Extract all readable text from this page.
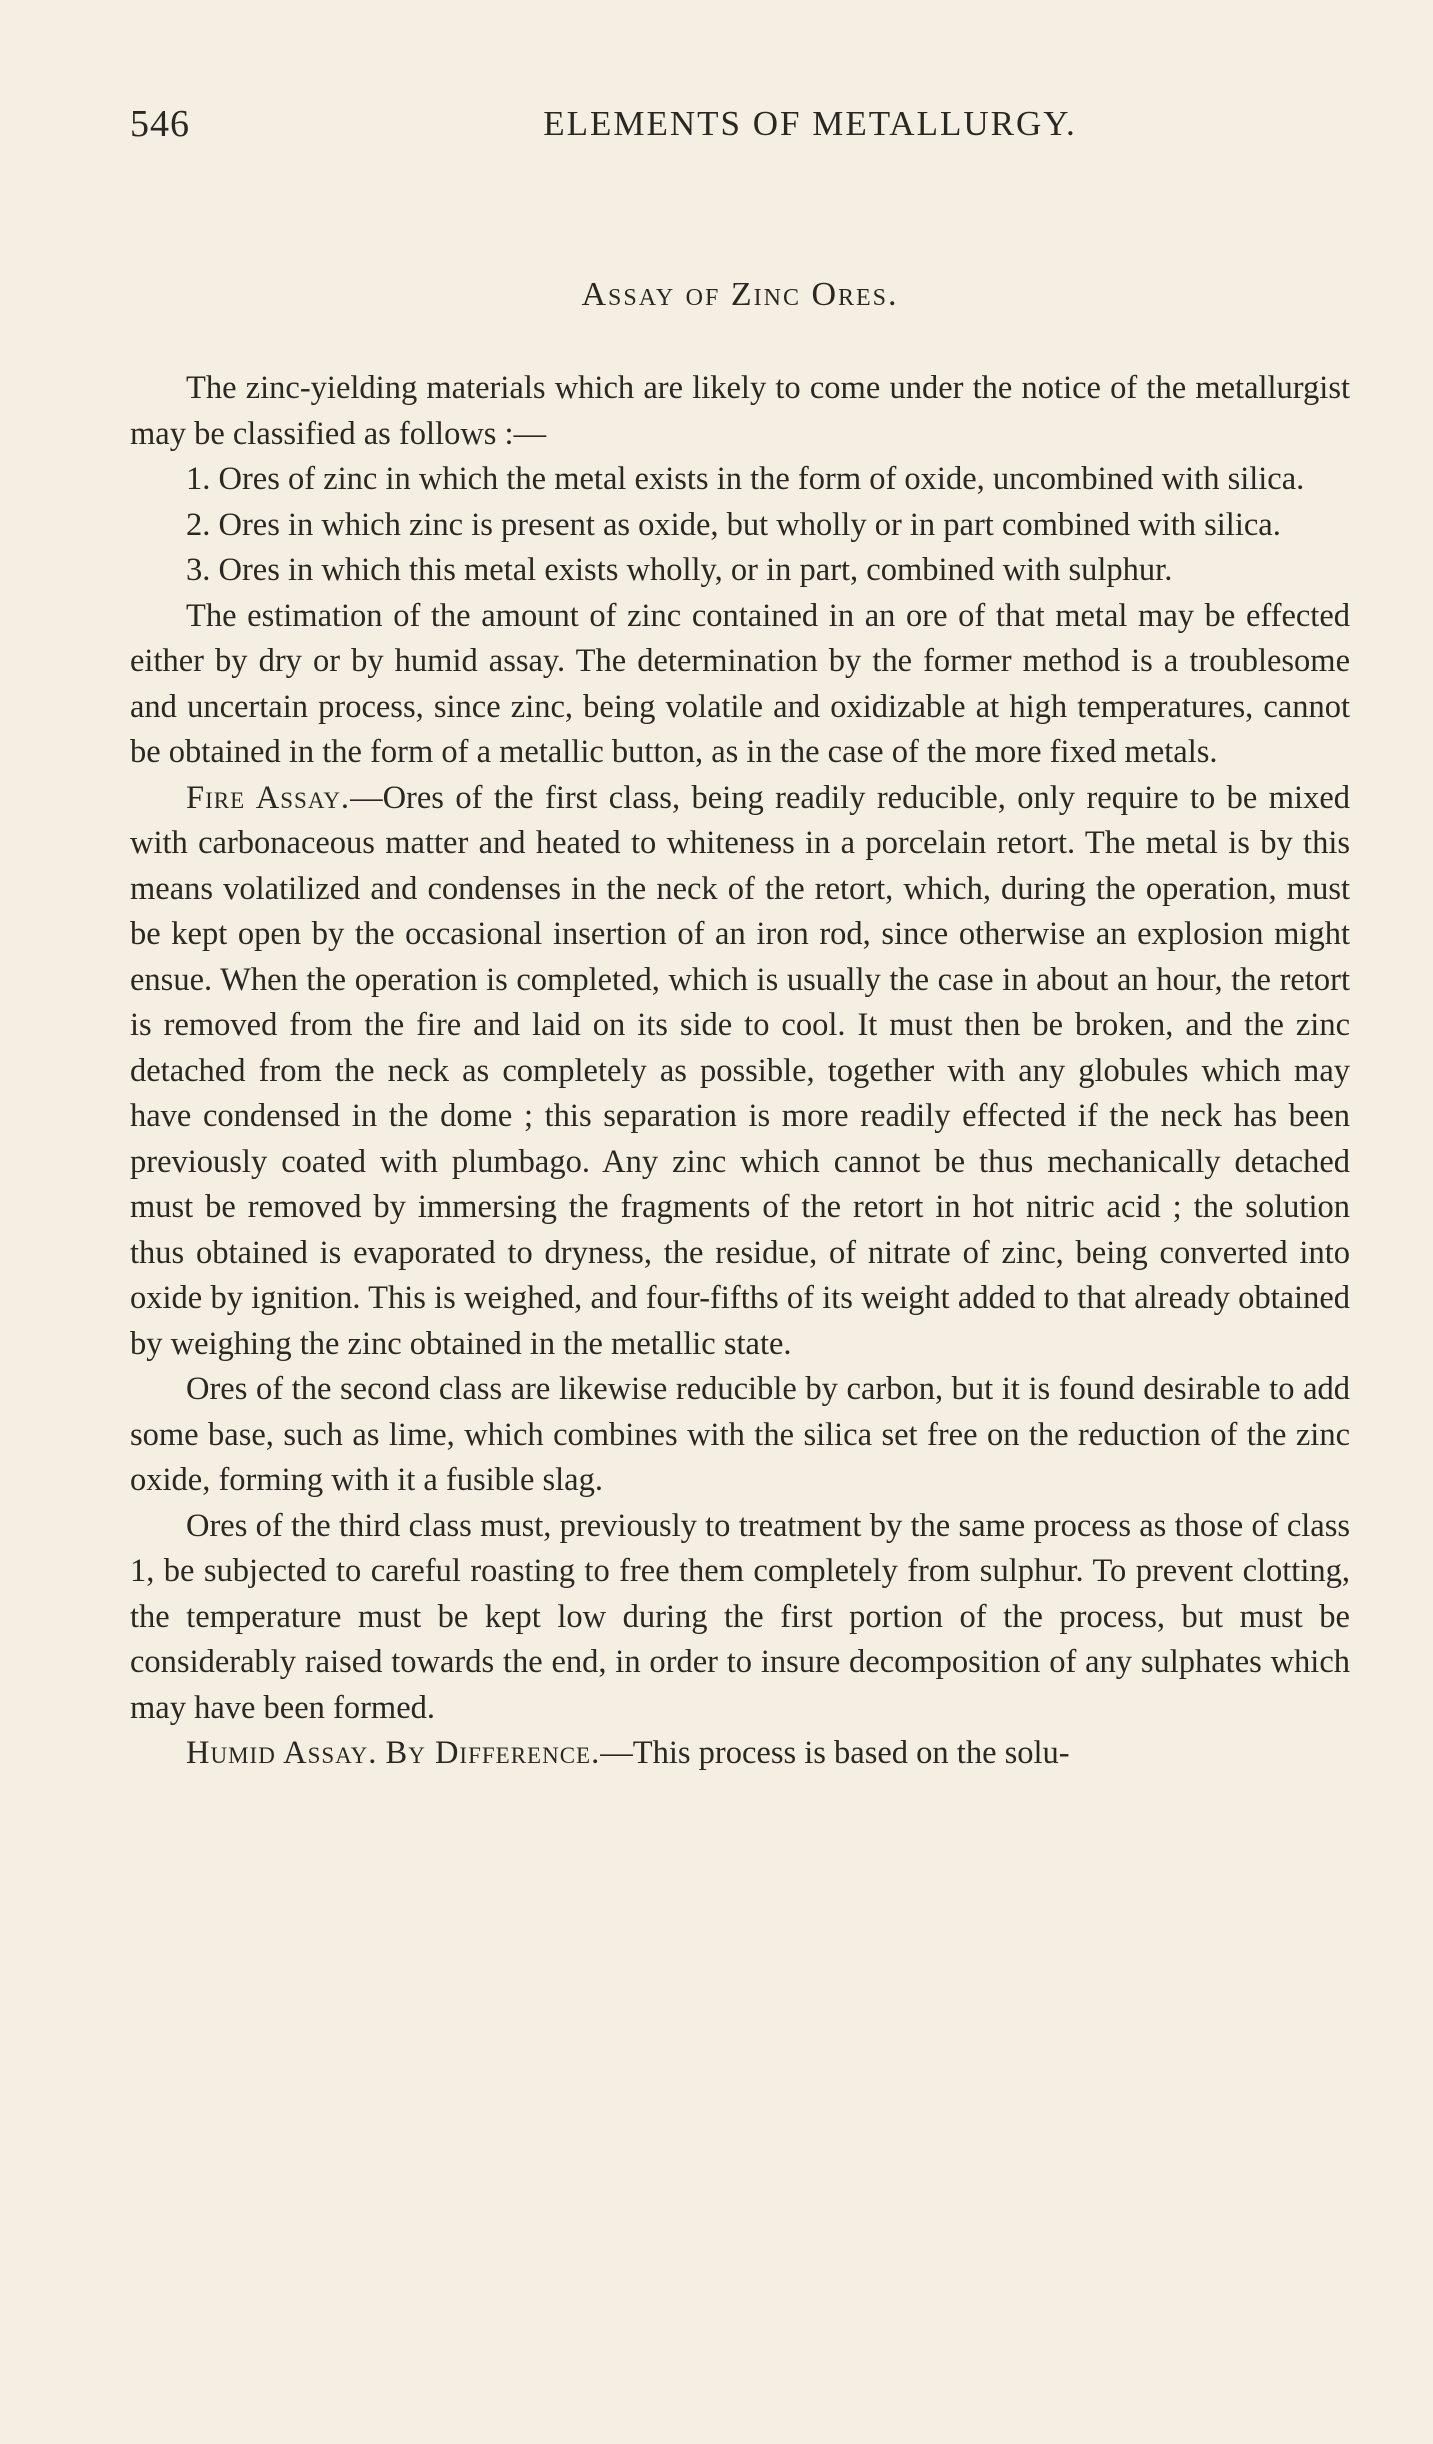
546	ELEMENTS OF METALLURGY.
Assay of Zinc Ores.

The zinc-yielding materials which are likely to come under the notice of the metallurgist may be classified as follows :—

1. Ores of zinc in which the metal exists in the form of oxide, uncombined with silica.

2. Ores in which zinc is present as oxide, but wholly or in part combined with silica.

3. Ores in which this metal exists wholly, or in part, combined with sulphur.

The estimation of the amount of zinc contained in an ore of that metal may be effected either by dry or by humid assay. The determination by the former method is a troublesome and uncertain process, since zinc, being volatile and oxidizable at high temperatures, cannot be obtained in the form of a metallic button, as in the case of the more fixed metals.

Fire Assay.—Ores of the first class, being readily reducible, only require to be mixed with carbonaceous matter and heated to whiteness in a porcelain retort. The metal is by this means volatilized and condenses in the neck of the retort, which, during the operation, must be kept open by the occasional insertion of an iron rod, since otherwise an explosion might ensue. When the operation is completed, which is usually the case in about an hour, the retort is removed from the fire and laid on its side to cool. It must then be broken, and the zinc detached from the neck as completely as possible, together with any globules which may have condensed in the dome ; this separation is more readily effected if the neck has been previously coated with plumbago. Any zinc which cannot be thus mechanically detached must be removed by immersing the fragments of the retort in hot nitric acid ; the solution thus obtained is evaporated to dryness, the residue, of nitrate of zinc, being converted into oxide by ignition. This is weighed, and four-fifths of its weight added to that already obtained by weighing the zinc obtained in the metallic state.

Ores of the second class are likewise reducible by carbon, but it is found desirable to add some base, such as lime, which combines with the silica set free on the reduction of the zinc oxide, forming with it a fusible slag.

Ores of the third class must, previously to treatment by the same process as those of class 1, be subjected to careful roasting to free them completely from sulphur. To prevent clotting, the temperature must be kept low during the first portion of the process, but must be considerably raised towards the end, in order to insure decomposition of any sulphates which may have been formed.

Humid Assay. By Difference.—This process is based on the solu-
